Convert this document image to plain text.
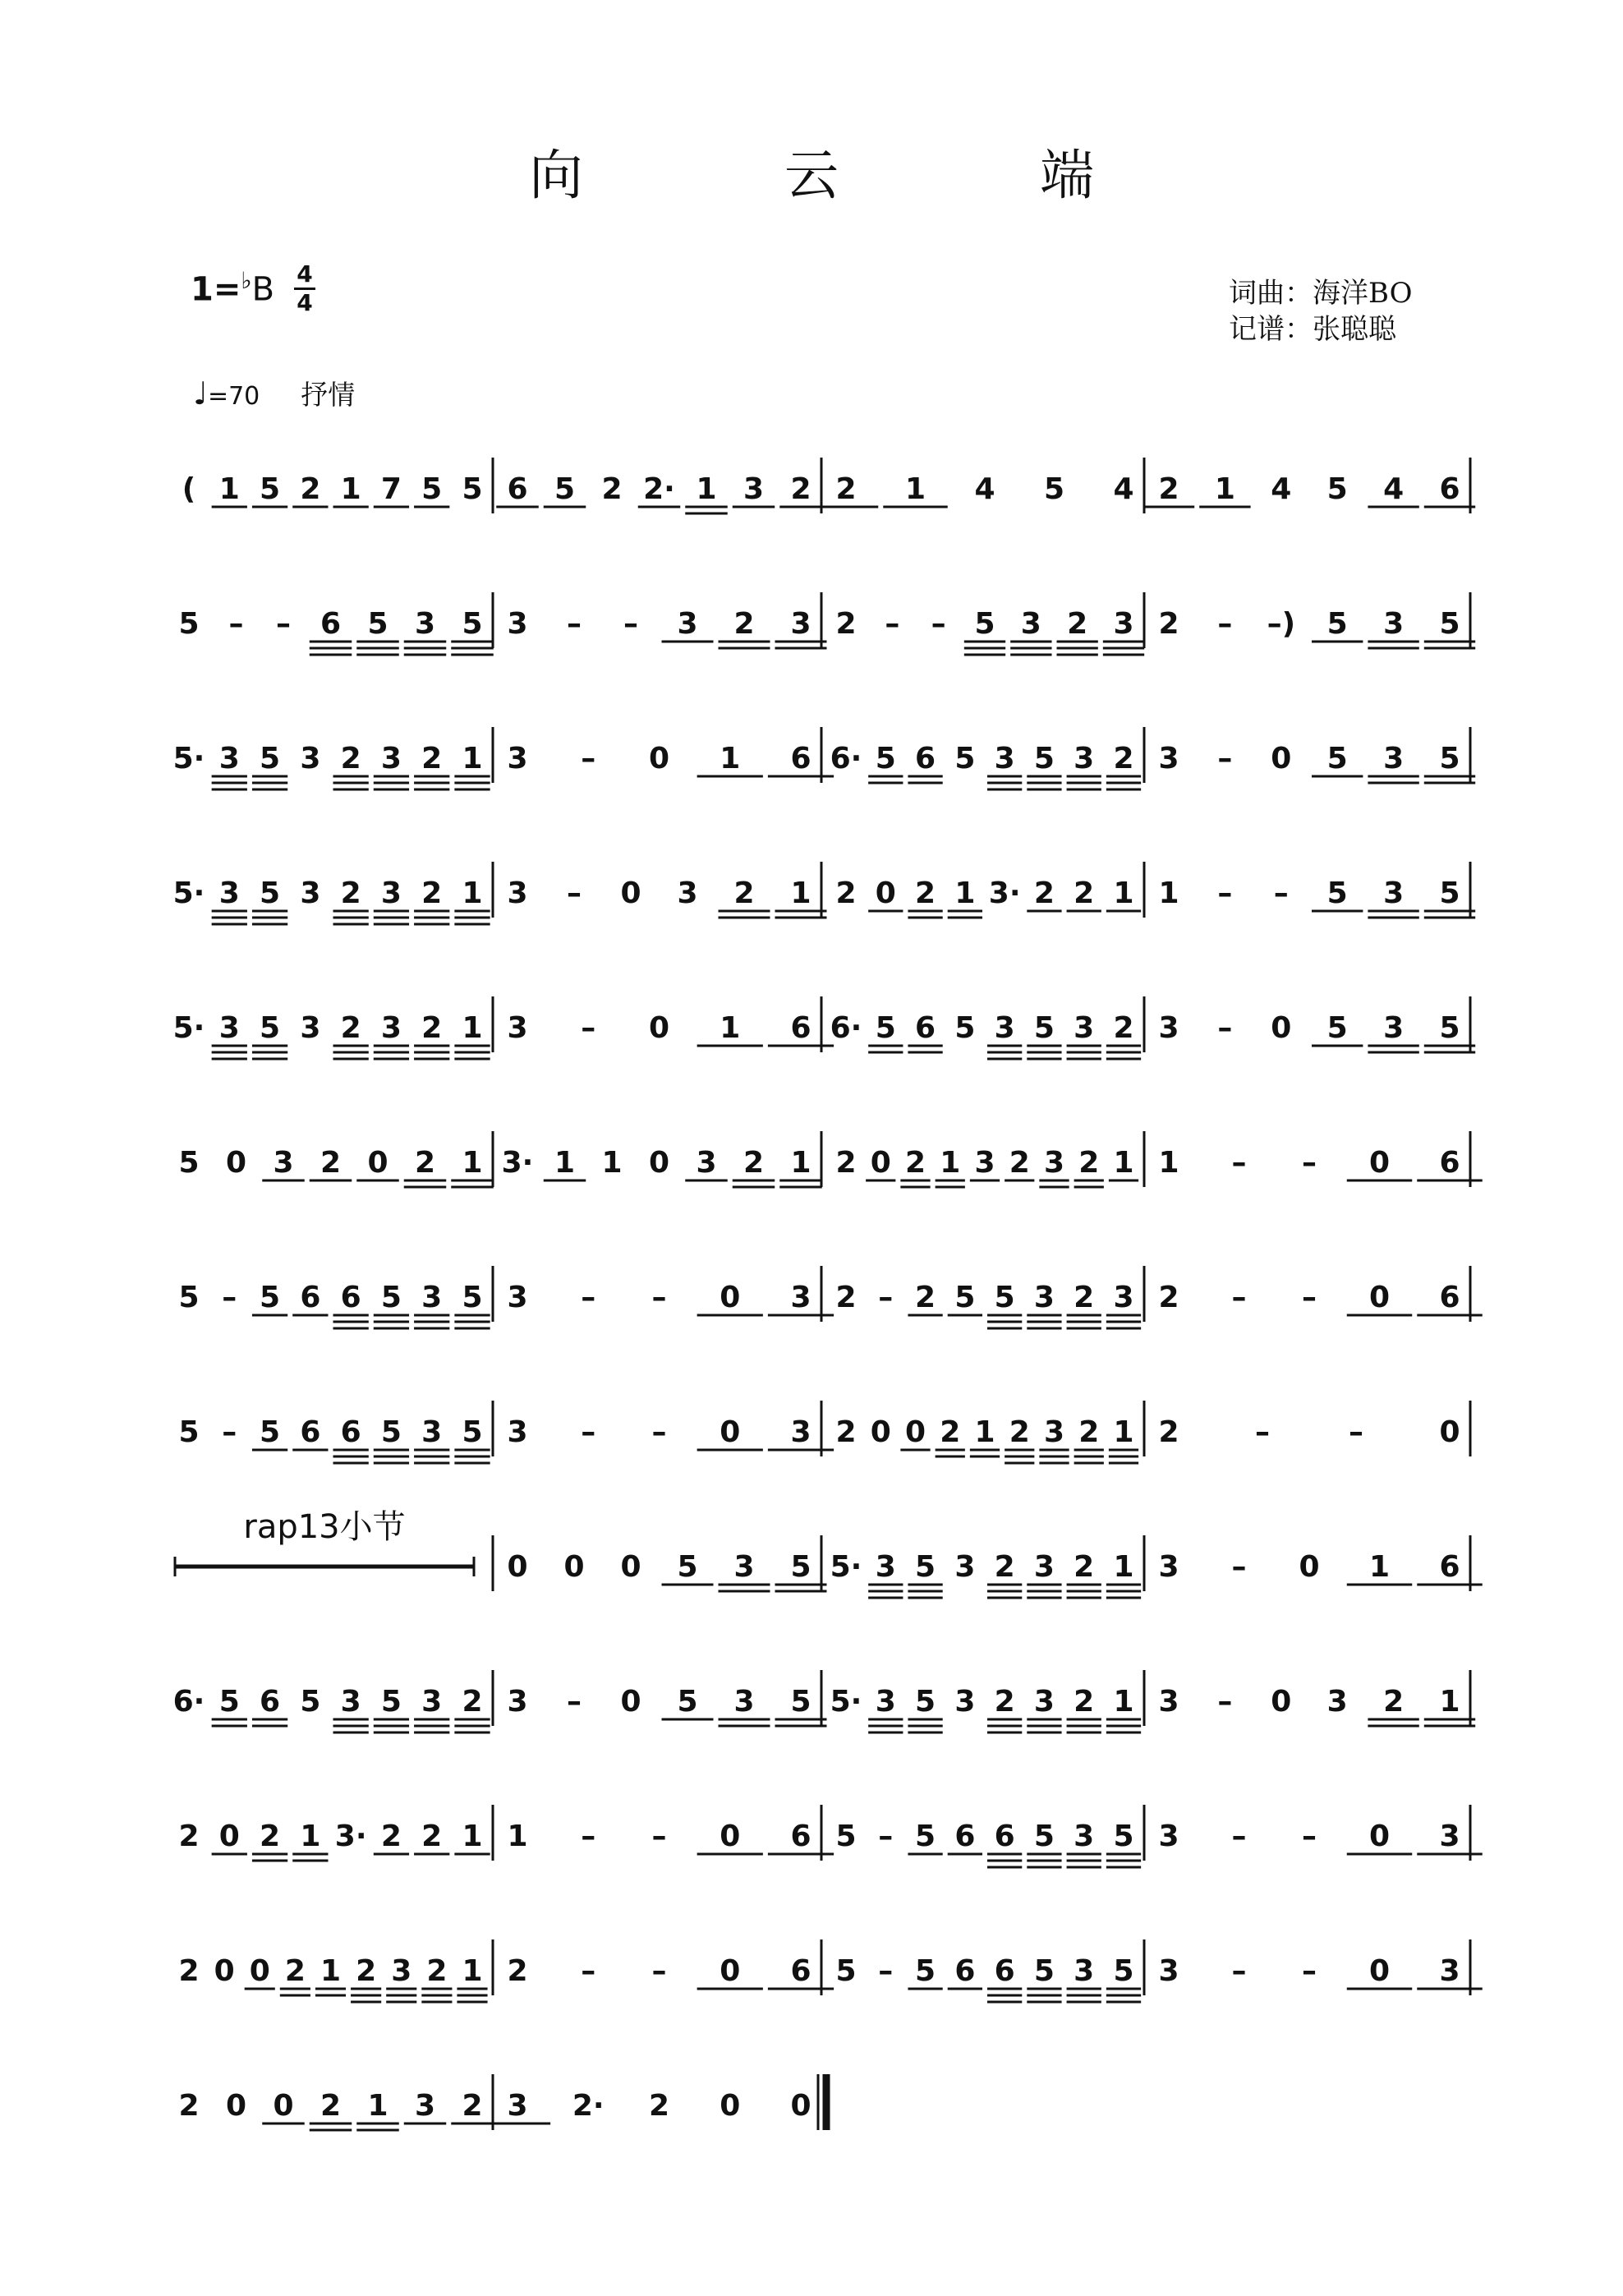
向 云 端
1=♭B 4
4	词曲：海洋BO
记谱：张聪聪
♩=70 抒情
( 1 5 2 1 7 5 5 6 5 2 2· 1 3 2 2 1 4 5 4 2 1 4 5 4 6
5 – – 6 5 3 5 3 – – 3 2 3 2 – – 5 3 2 3 2 – –) 5 3 5
5· 3 5 3 2 3 2 1 3 – 0 1 6 6· 5 6 5 3 5 3 2 3 – 0 5 3 5
5· 3 5 3 2 3 2 1 3 – 0 3 2 1 2 0 2 1 3· 2 2 1 1 – – 5 3 5
5· 3 5 3 2 3 2 1 3 – 0 1 6 6· 5 6 5 3 5 3 2 3 – 0 5 3 5
5 0 3 2 0 2 1 3· 1 1 0 3 2 1 2 0 2 1 3 2 3 2 1 1 – – 0 6
5 – 5 6 6 5 3 5 3 – – 0 3 2 – 2 5 5 3 2 3 2 – – 0 6
5 – 5 6 6 5 3 5 3 – – 0 3 2 0 0 2 1 2 3 2 1 2	–	–	0
0 0 0 5 3 5 5· 3 5 3 2 3 2 1 3 – 0 1 6
6· 5 6 5 3 5 3 2 3 – 0 5 3 5 5· 3 5 3 2 3 2 1 3 – 0 3 2 1
2 0 2 1 3· 2 2 1 1 – – 0 6 5 – 5 6 6 5 3 5 3 – – 0 3
2 0 0 2 1 2 3 2 1 2 – – 0 6 5 – 5 6 6 5 3 5 3 – – 0 3
2 0 0 2 1 3 2 3 2· 2 0 0
rap13小节
